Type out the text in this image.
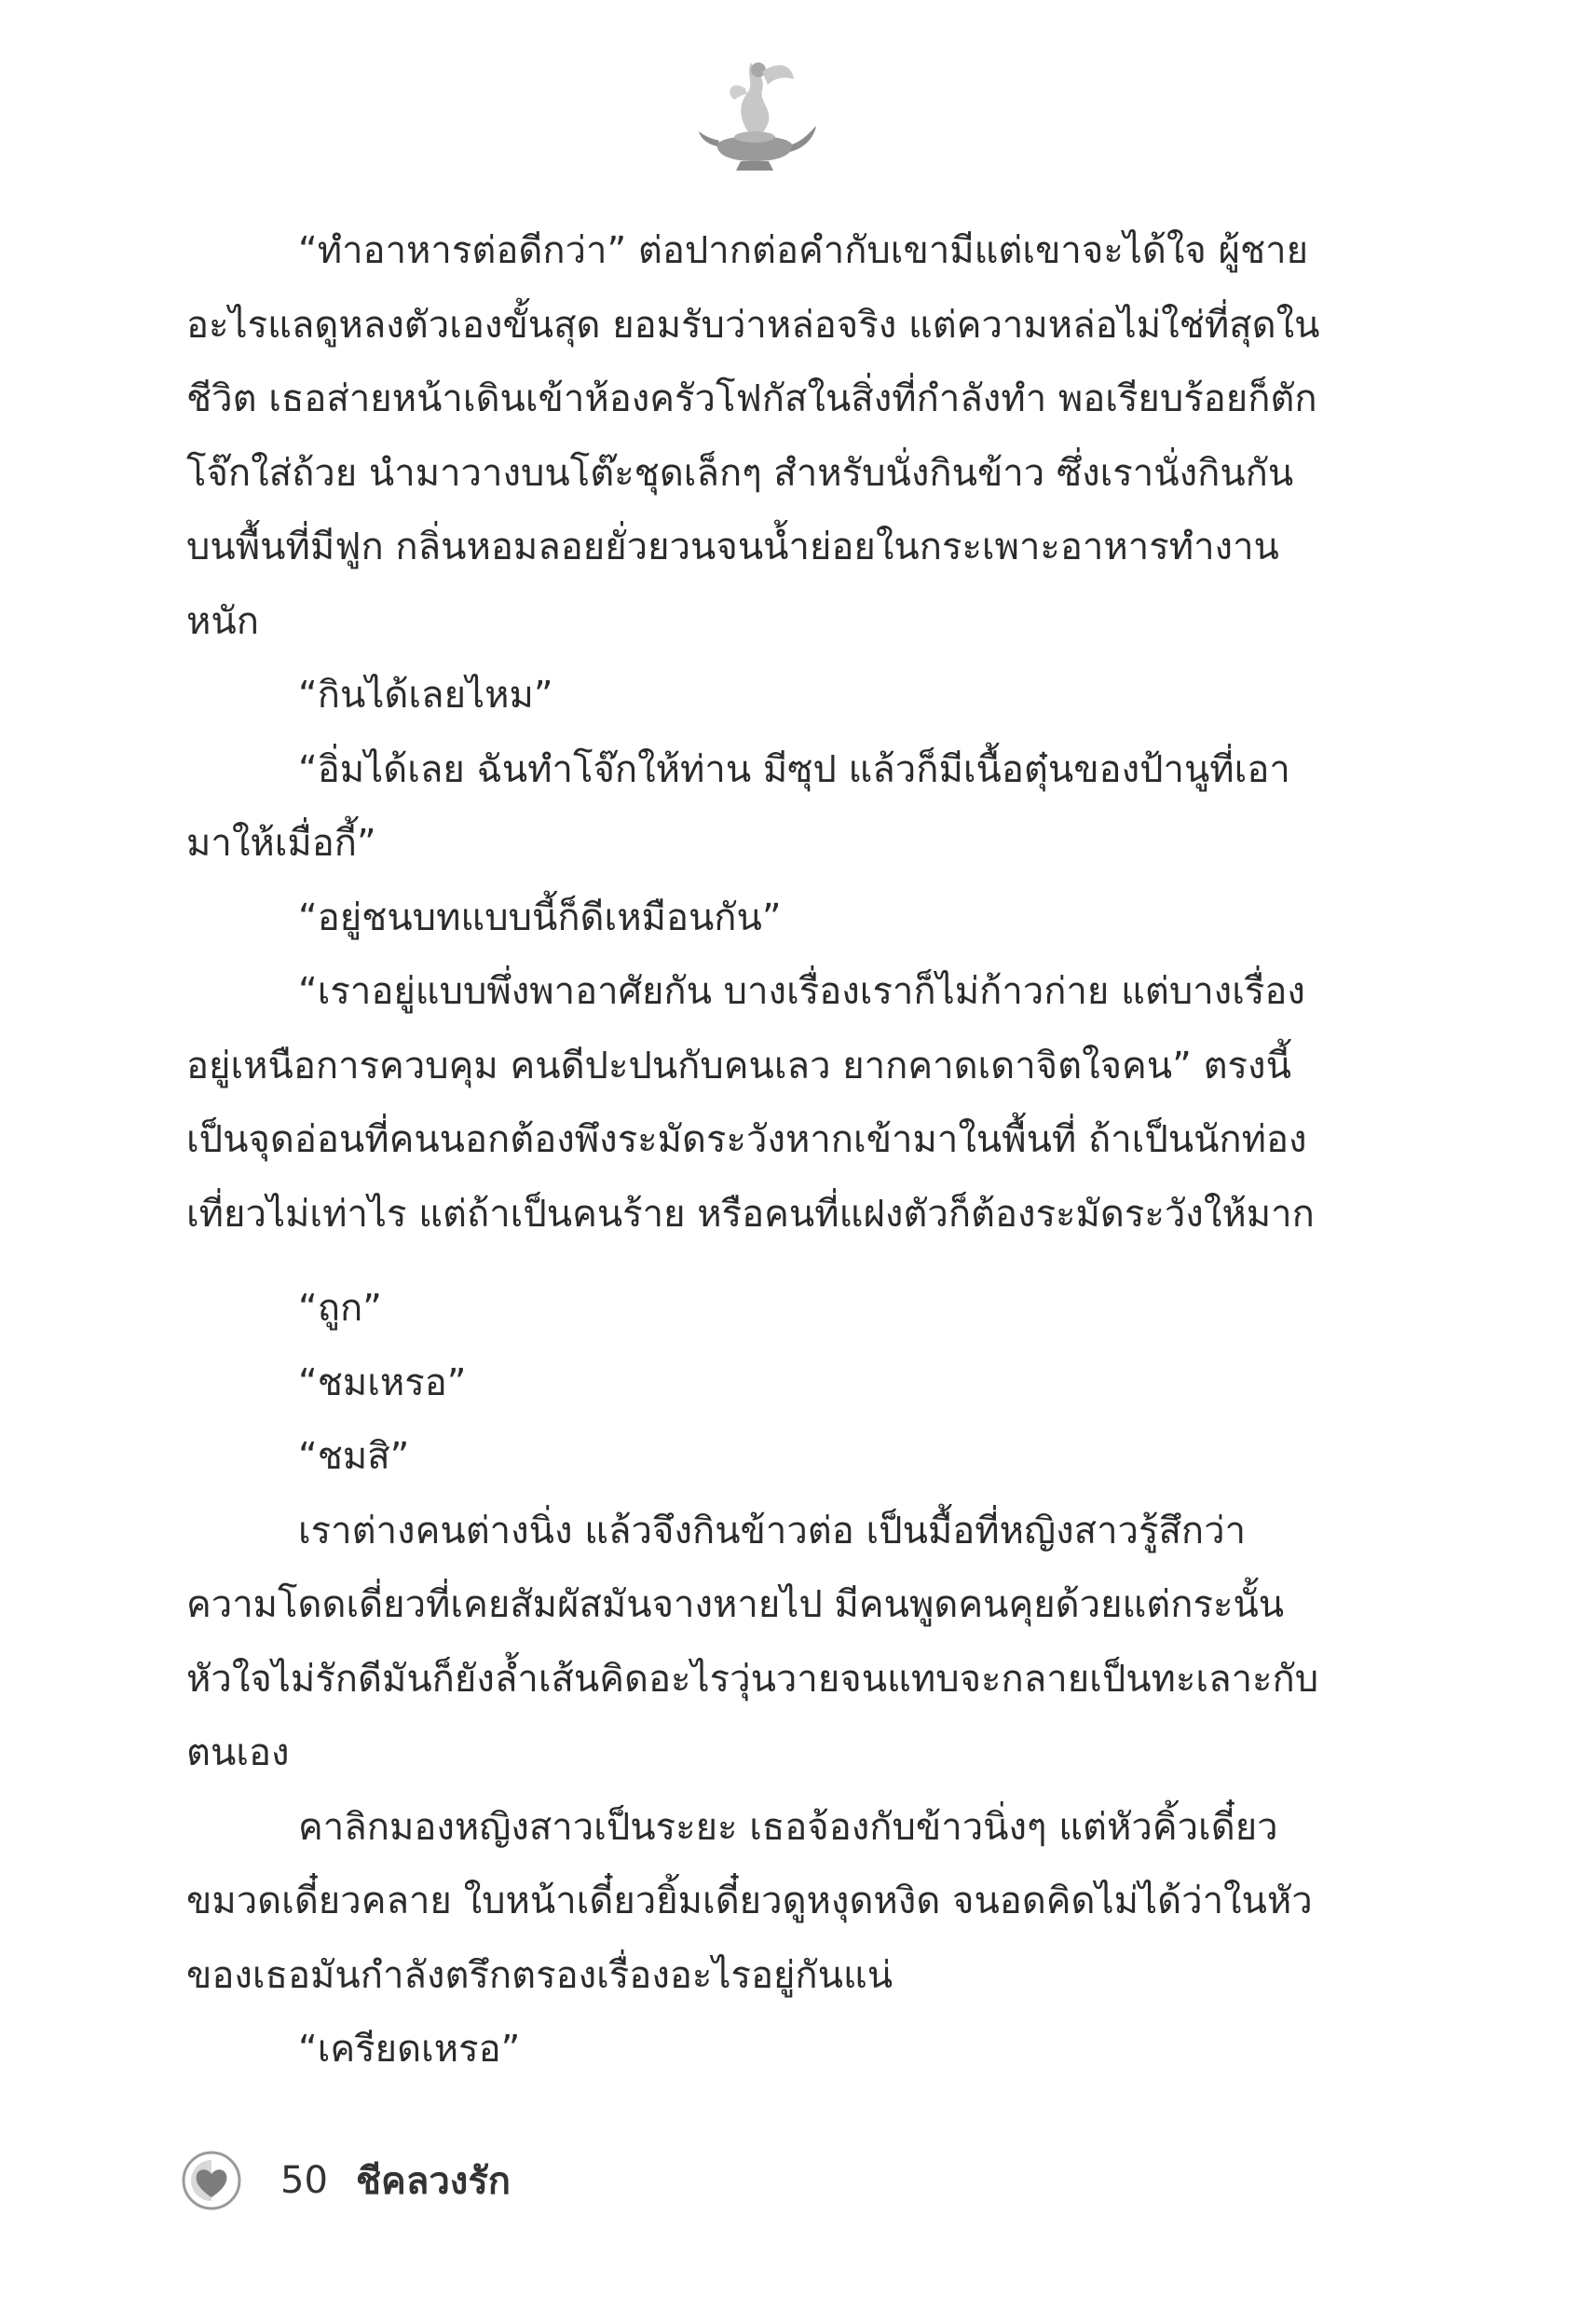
“ทำอาหารต่อดีกว่า” ต่อปากต่อคำกับเขามีแต่เขาจะได้ใจ ผู้ชายอะไรแลดูหลงตัวเองขั้นสุด ยอมรับว่าหล่อจริง แต่ความหล่อไม่ใช่ที่สุดในชีวิต เธอส่ายหน้าเดินเข้าห้องครัวโฟกัสในสิ่งที่กำลังทำ พอเรียบร้อยก็ตักโจ๊กใส่ถ้วย นำมาวางบนโต๊ะชุดเล็กๆ สำหรับนั่งกินข้าว ซึ่งเรานั่งกินกันบนพื้นที่มีฟูก กลิ่นหอมลอยยั่วยวนจนน้ำย่อยในกระเพาะอาหารทำงานหนัก

“กินได้เลยไหม”

“อิ่มได้เลย ฉันทำโจ๊กให้ท่าน มีซุป แล้วก็มีเนื้อตุ๋นของป้านูที่เอามาให้เมื่อกี้”

“อยู่ชนบทแบบนี้ก็ดีเหมือนกัน”

“เราอยู่แบบพึ่งพาอาศัยกัน บางเรื่องเราก็ไม่ก้าวก่าย แต่บางเรื่องอยู่เหนือการควบคุม คนดีปะปนกับคนเลว ยากคาดเดาจิตใจคน” ตรงนี้เป็นจุดอ่อนที่คนนอกต้องพึงระมัดระวังหากเข้ามาในพื้นที่ ถ้าเป็นนักท่องเที่ยวไม่เท่าไร แต่ถ้าเป็นคนร้าย หรือคนที่แฝงตัวก็ต้องระมัดระวังให้มาก

“ถูก”

“ชมเหรอ”

“ชมสิ”

เราต่างคนต่างนิ่ง แล้วจึงกินข้าวต่อ เป็นมื้อที่หญิงสาวรู้สึกว่าความโดดเดี่ยวที่เคยสัมผัสมันจางหายไป มีคนพูดคนคุยด้วยแต่กระนั้นหัวใจไม่รักดีมันก็ยังล้ำเส้นคิดอะไรวุ่นวายจนแทบจะกลายเป็นทะเลาะกับตนเอง

คาลิกมองหญิงสาวเป็นระยะ เธอจ้องกับข้าวนิ่งๆ แต่หัวคิ้วเดี๋ยวขมวดเดี๋ยวคลาย ใบหน้าเดี๋ยวยิ้มเดี๋ยวดูหงุดหงิด จนอดคิดไม่ได้ว่าในหัวของเธอมันกำลังตรึกตรองเรื่องอะไรอยู่กันแน่

“เครียดเหรอ”

50 ชีคลวงรัก
